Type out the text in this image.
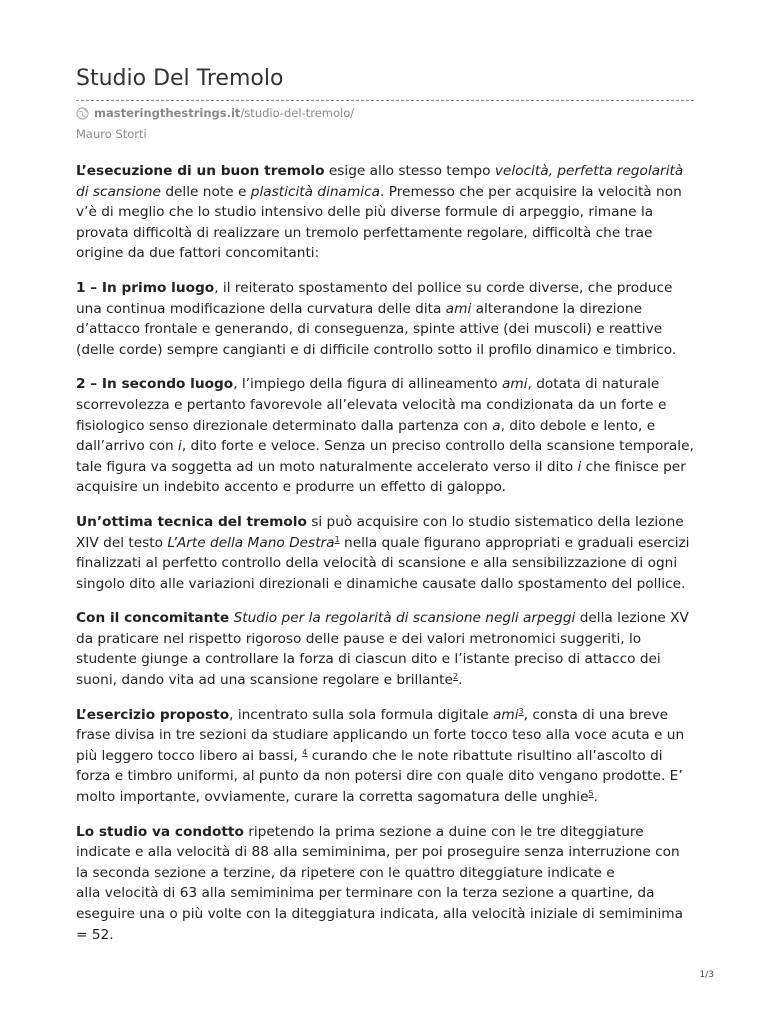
Studio Del Tremolo
masteringthestrings.it /studio-del-tremolo/
Mauro Storti

L’esecuzione di un buon tremolo esige allo stesso tempo velocità, perfetta regolarità di scansione delle note e plasticità dinamica. Premesso che per acquisire la velocità non v’è di meglio che lo studio intensivo delle più diverse formule di arpeggio, rimane la provata difficoltà di realizzare un tremolo perfettamente regolare, difficoltà che trae origine da due fattori concomitanti:

1 – In primo luogo, il reiterato spostamento del pollice su corde diverse, che produce una continua modificazione della curvatura delle dita ami alterandone la direzione d’attacco frontale e generando, di conseguenza, spinte attive (dei muscoli) e reattive (delle corde) sempre cangianti e di difficile controllo sotto il profilo dinamico e timbrico.

2 – In secondo luogo, l’impiego della figura di allineamento ami, dotata di naturale scorrevolezza e pertanto favorevole all’elevata velocità ma condizionata da un forte e fisiologico senso direzionale determinato dalla partenza con a, dito debole e lento, e dall’arrivo con i, dito forte e veloce. Senza un preciso controllo della scansione temporale, tale figura va soggetta ad un moto naturalmente accelerato verso il dito i che finisce per acquisire un indebito accento e produrre un effetto di galoppo.

Un’ottima tecnica del tremolo si può acquisire con lo studio sistematico della lezione XIV del testo L’Arte della Mano Destra$^1$ nella quale figurano appropriati e graduali esercizi finalizzati al perfetto controllo della velocità di scansione e alla sensibilizzazione di ogni singolo dito alle variazioni direzionali e dinamiche causate dallo spostamento del pollice.

Con il concomitante Studio per la regolarità di scansione negli arpeggi della lezione XV da praticare nel rispetto rigoroso delle pause e dei valori metronomici suggeriti, lo studente giunge a controllare la forza di ciascun dito e l’istante preciso di attacco dei suoni, dando vita ad una scansione regolare e brillante$^2$.

L’esercizio proposto, incentrato sulla sola formula digitale ami$^3$, consta di una breve frase divisa in tre sezioni da studiare applicando un forte tocco teso alla voce acuta e un più leggero tocco libero ai bassi, $^4$ curando che le note ribattute risultino all’ascolto di forza e timbro uniformi, al punto da non potersi dire con quale dito vengano prodotte. E’ molto importante, ovviamente, curare la corretta sagomatura delle unghie$^5$.

Lo studio va condotto ripetendo la prima sezione a duine con le tre diteggiature indicate e alla velocità di 88 alla semiminima, per poi proseguire senza interruzione con la seconda sezione a terzine, da ripetere con le quattro diteggiature indicate e
alla velocità di 63 alla semiminima per terminare con la terza sezione a quartine, da eseguire una o più volte con la diteggiatura indicata, alla velocità iniziale di semiminima = 52.

1/3
